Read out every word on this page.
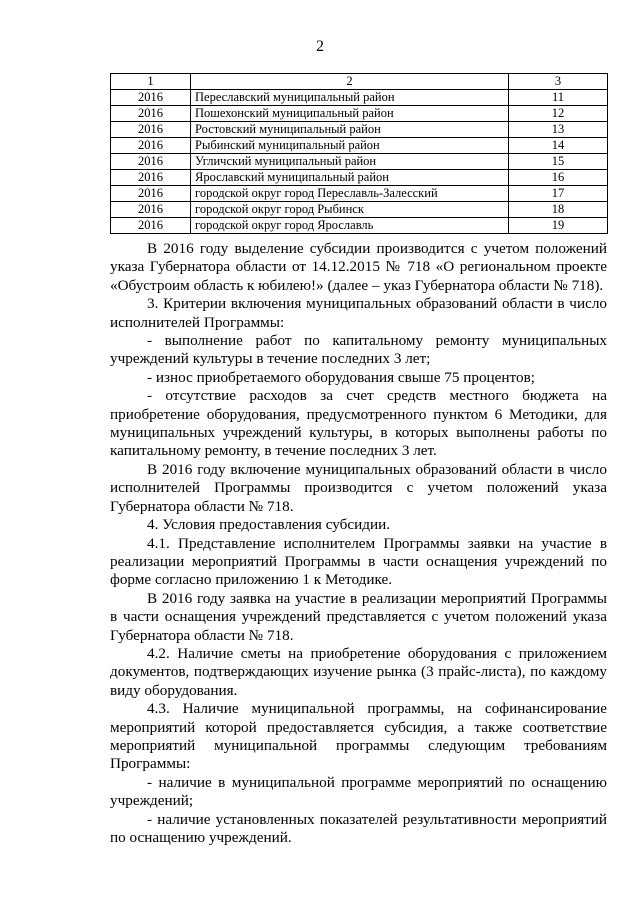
2
1	2	3
2016	Переславский муниципальный район	11
2016	Пошехонский муниципальный район	12
2016	Ростовский муниципальный район	13
2016	Рыбинский муниципальный район	14
2016	Угличский муниципальный район	15
2016	Ярославский муниципальный район	16
2016	городской округ город Переславль-Залесский	17
2016	городской округ город Рыбинск	18
2016	городской округ город Ярославль	19

В 2016 году выделение субсидии производится с учетом положений указа Губернатора области от 14.12.2015 № 718 «О региональном проекте «Обустроим область к юбилею!» (далее – указ Губернатора области № 718).

3. Критерии включения муниципальных образований области в число исполнителей Программы:

- выполнение работ по капитальному ремонту муниципальных учреждений культуры в течение последних 3 лет;

- износ приобретаемого оборудования свыше 75 процентов;

- отсутствие расходов за счет средств местного бюджета на приобретение оборудования, предусмотренного пунктом 6 Методики, для муниципальных учреждений культуры, в которых выполнены работы по капитальному ремонту, в течение последних 3 лет.

В 2016 году включение муниципальных образований области в число исполнителей Программы производится с учетом положений указа Губернатора области № 718.

4. Условия предоставления субсидии.

4.1. Представление исполнителем Программы заявки на участие в реализации мероприятий Программы в части оснащения учреждений по форме согласно приложению 1 к Методике.

В 2016 году заявка на участие в реализации мероприятий Программы в части оснащения учреждений представляется с учетом положений указа Губернатора области № 718.

4.2. Наличие сметы на приобретение оборудования с приложением документов, подтверждающих изучение рынка (3 прайс-листа), по каждому виду оборудования.

4.3. Наличие муниципальной программы, на софинансирование мероприятий которой предоставляется субсидия, а также соответствие мероприятий муниципальной программы следующим требованиям Программы:

- наличие в муниципальной программе мероприятий по оснащению учреждений;

- наличие установленных показателей результативности мероприятий по оснащению учреждений.
